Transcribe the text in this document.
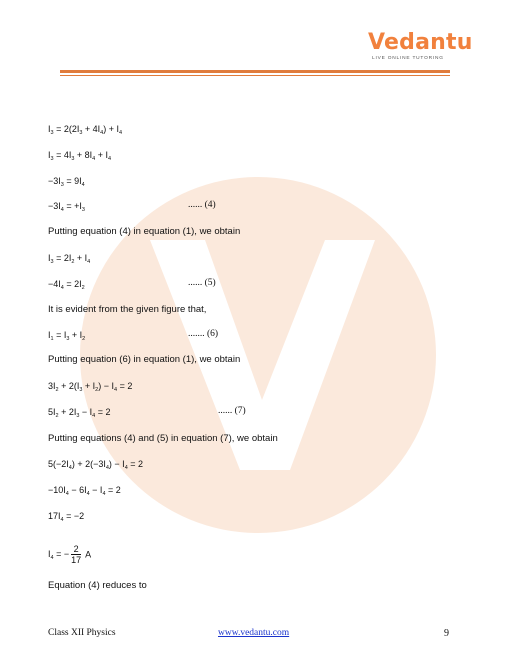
Vedantu
LIVE ONLINE TUTORING
$I_3 = 2(2I_3 + 4I_4) + I_4$
$I_3 = 4I_3 + 8I_4 + I_4$
$-3I_3 = 9I_4$
$-3I_4 = +I_3$	...... (4)
Putting equation (4) in equation (1), we obtain
$I_3 = 2I_2 + I_4$
$-4I_4 = 2I_2$	...... (5)
It is evident from the given figure that,
$I_1 = I_3 + I_2$	....... (6)
Putting equation (6) in equation (1), we obtain
$3I_2 + 2(I_3 + I_2) - I_4 = 2$
$5I_2 + 2I_3 - I_4 = 2$	...... (7)
Putting equations (4) and (5) in equation (7), we obtain
$5(-2I_4) + 2(-3I_4) - I_4 = 2$
$-10I_4 - 6I_4 - I_4 = 2$
$17I_4 = -2$
$I_4$ = − $\frac{2}{17}$ A
Equation (4) reduces to
Class XII Physics	www.vedantu.com	9
